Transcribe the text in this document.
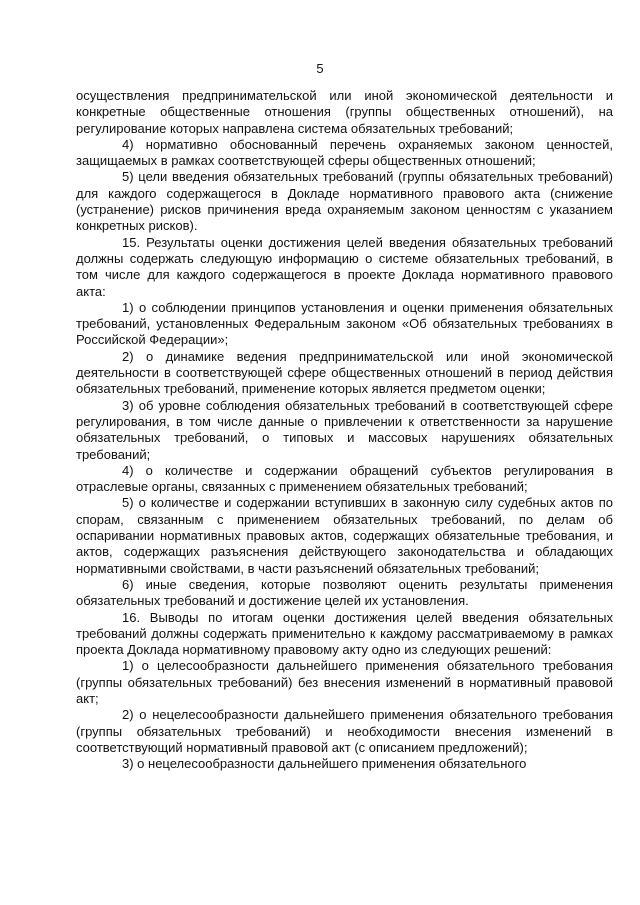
5

осуществления предпринимательской или иной экономической деятельности и конкретные общественные отношения (группы общественных отношений), на регулирование которых направлена система обязательных требований;

4) нормативно обоснованный перечень охраняемых законом ценностей, защищаемых в рамках соответствующей сферы общественных отношений;

5) цели введения обязательных требований (группы обязательных требований) для каждого содержащегося в Докладе нормативного правового акта (снижение (устранение) рисков причинения вреда охраняемым законом ценностям с указанием конкретных рисков).

15. Результаты оценки достижения целей введения обязательных требований должны содержать следующую информацию о системе обязательных требований, в том числе для каждого содержащегося в проекте Доклада нормативного правового акта:

1) о соблюдении принципов установления и оценки применения обязательных требований, установленных Федеральным законом «Об обязательных требованиях в Российской Федерации»;

2) о динамике ведения предпринимательской или иной экономической деятельности в соответствующей сфере общественных отношений в период действия обязательных требований, применение которых является предметом оценки;

3) об уровне соблюдения обязательных требований в соответствующей сфере регулирования, в том числе данные о привлечении к ответственности за нарушение обязательных требований, о типовых и массовых нарушениях обязательных требований;

4) о количестве и содержании обращений субъектов регулирования в отраслевые органы, связанных с применением обязательных требований;

5) о количестве и содержании вступивших в законную силу судебных актов по спорам, связанным с применением обязательных требований, по делам об оспаривании нормативных правовых актов, содержащих обязательные требования, и актов, содержащих разъяснения действующего законодательства и обладающих нормативными свойствами, в части разъяснений обязательных требований;

6) иные сведения, которые позволяют оценить результаты применения обязательных требований и достижение целей их установления.

16. Выводы по итогам оценки достижения целей введения обязательных требований должны содержать применительно к каждому рассматриваемому в рамках проекта Доклада нормативному правовому акту одно из следующих решений:

1) о целесообразности дальнейшего применения обязательного требования (группы обязательных требований) без внесения изменений в нормативный правовой акт;

2) о нецелесообразности дальнейшего применения обязательного требования (группы обязательных требований) и необходимости внесения изменений в соответствующий нормативный правовой акт (с описанием предложений);

3) о нецелесообразности дальнейшего применения обязательного
